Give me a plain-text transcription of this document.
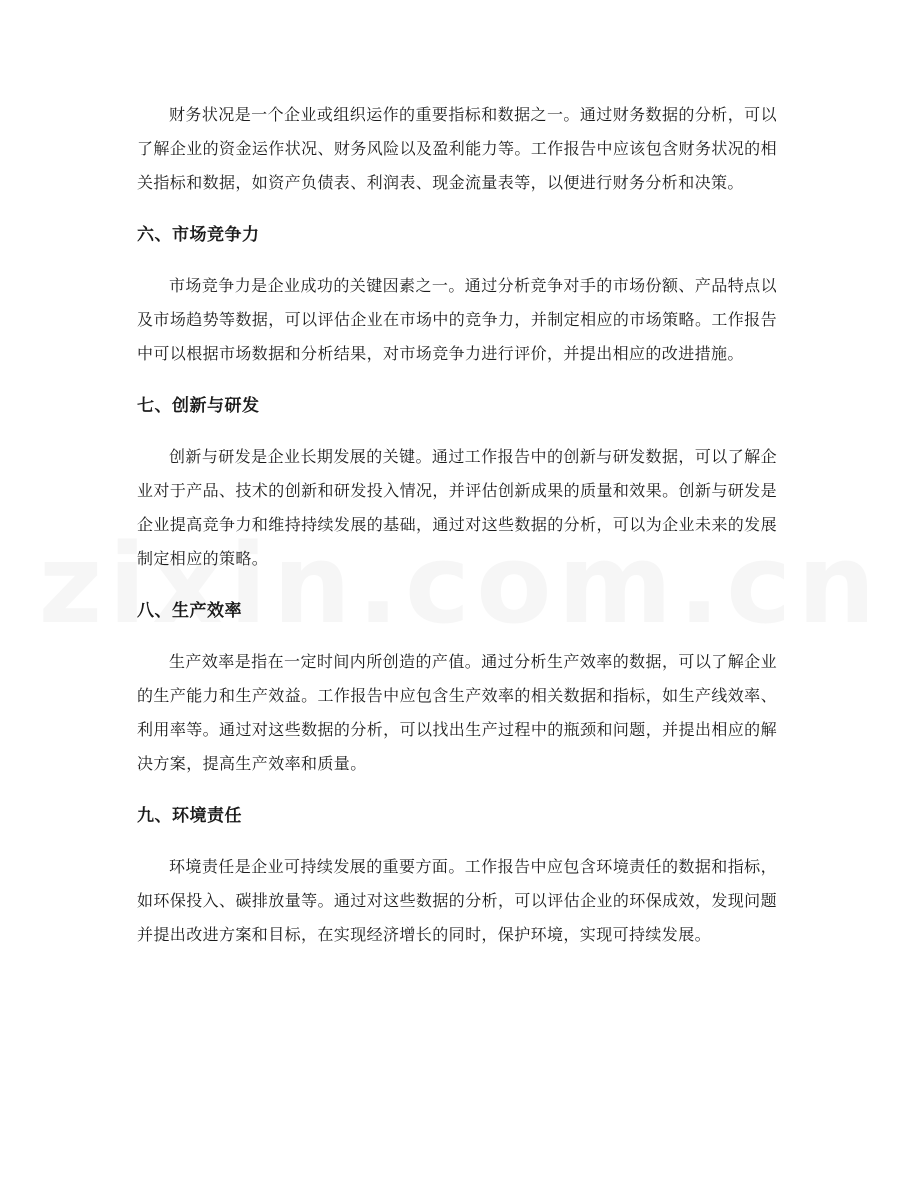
财务状况是一个企业或组织运作的重要指标和数据之一。通过财务数据的分析，可以了解企业的资金运作状况、财务风险以及盈利能力等。工作报告中应该包含财务状况的相关指标和数据，如资产负债表、利润表、现金流量表等，以便进行财务分析和决策。

六、市场竞争力

市场竞争力是企业成功的关键因素之一。通过分析竞争对手的市场份额、产品特点以及市场趋势等数据，可以评估企业在市场中的竞争力，并制定相应的市场策略。工作报告中可以根据市场数据和分析结果，对市场竞争力进行评价，并提出相应的改进措施。

七、创新与研发

创新与研发是企业长期发展的关键。通过工作报告中的创新与研发数据，可以了解企业对于产品、技术的创新和研发投入情况，并评估创新成果的质量和效果。创新与研发是企业提高竞争力和维持持续发展的基础，通过对这些数据的分析，可以为企业未来的发展制定相应的策略。

八、生产效率

生产效率是指在一定时间内所创造的产值。通过分析生产效率的数据，可以了解企业的生产能力和生产效益。工作报告中应包含生产效率的相关数据和指标，如生产线效率、利用率等。通过对这些数据的分析，可以找出生产过程中的瓶颈和问题，并提出相应的解决方案，提高生产效率和质量。

九、环境责任

环境责任是企业可持续发展的重要方面。工作报告中应包含环境责任的数据和指标，如环保投入、碳排放量等。通过对这些数据的分析，可以评估企业的环保成效，发现问题并提出改进方案和目标，在实现经济增长的同时，保护环境，实现可持续发展。
